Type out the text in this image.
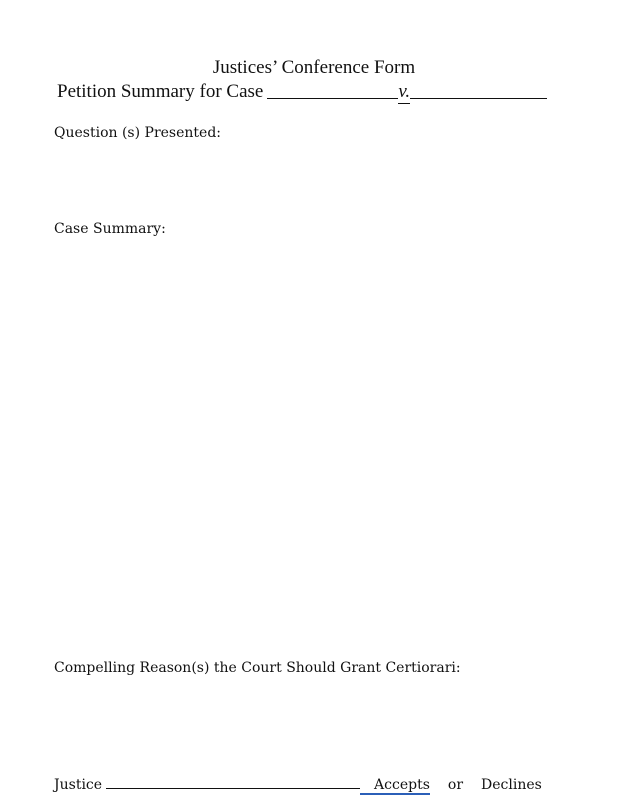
Justices’ Conference Form
Petition Summary for Case	v.
Question (s) Presented:
Case Summary:
Compelling Reason(s) the Court Should Grant Certiorari:
Justice	Accepts or Declines
